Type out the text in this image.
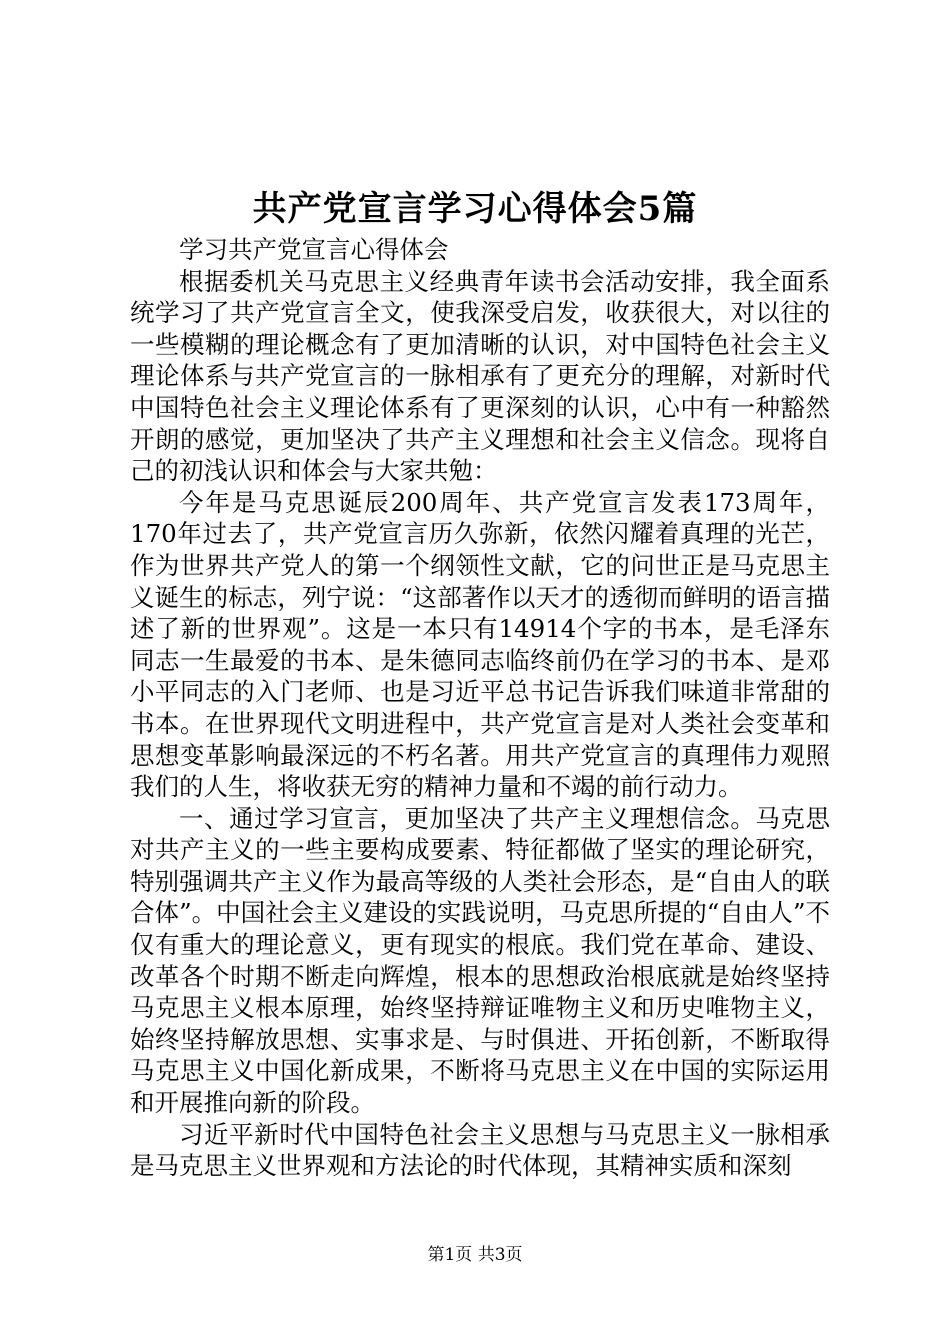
共产党宣言学习心得体会5篇

学习共产党宣言心得体会

根据委机关马克思主义经典青年读书会活动安排，我全面系统学习了共产党宣言全文，使我深受启发，收获很大，对以往的一些模糊的理论概念有了更加清晰的认识，对中国特色社会主义理论体系与共产党宣言的一脉相承有了更充分的理解，对新时代中国特色社会主义理论体系有了更深刻的认识，心中有一种豁然开朗的感觉，更加坚决了共产主义理想和社会主义信念。现将自己的初浅认识和体会与大家共勉：

今年是马克思诞辰200周年、共产党宣言发表173周年，170年过去了，共产党宣言历久弥新，依然闪耀着真理的光芒，作为世界共产党人的第一个纲领性文献，它的问世正是马克思主义诞生的标志，列宁说：“这部著作以天才的透彻而鲜明的语言描述了新的世界观”。这是一本只有14914个字的书本，是毛泽东同志一生最爱的书本、是朱德同志临终前仍在学习的书本、是邓小平同志的入门老师、也是习近平总书记告诉我们味道非常甜的书本。在世界现代文明进程中，共产党宣言是对人类社会变革和思想变革影响最深远的不朽名著。用共产党宣言的真理伟力观照我们的人生，将收获无穷的精神力量和不竭的前行动力。

一、通过学习宣言，更加坚决了共产主义理想信念。马克思对共产主义的一些主要构成要素、特征都做了坚实的理论研究，特别强调共产主义作为最高等级的人类社会形态，是“自由人的联合体”。中国社会主义建设的实践说明，马克思所提的“自由人”不仅有重大的理论意义，更有现实的根底。我们党在革命、建设、改革各个时期不断走向辉煌，根本的思想政治根底就是始终坚持马克思主义根本原理，始终坚持辩证唯物主义和历史唯物主义，始终坚持解放思想、实事求是、与时俱进、开拓创新，不断取得马克思主义中国化新成果，不断将马克思主义在中国的实际运用和开展推向新的阶段。

习近平新时代中国特色社会主义思想与马克思主义一脉相承是马克思主义世界观和方法论的时代体现，其精神实质和深刻

第1页 共3页
